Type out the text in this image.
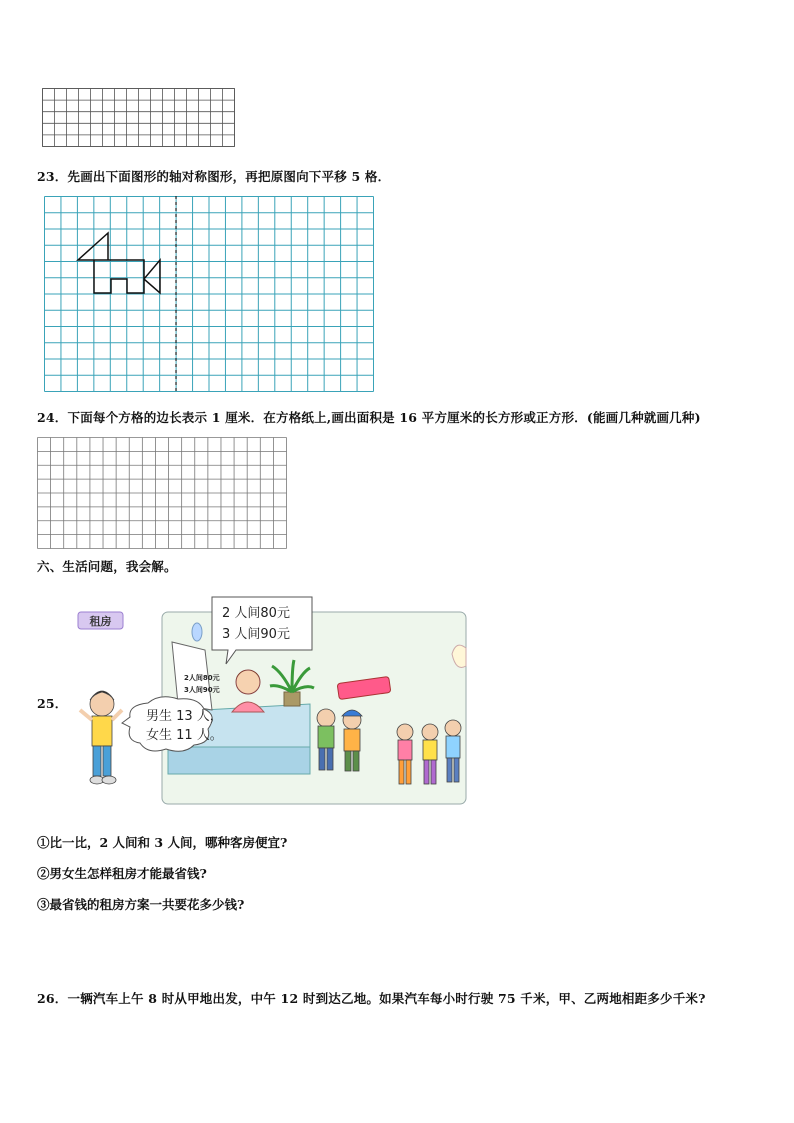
23．先画出下面图形的轴对称图形，再把原图向下平移 5 格．
24．下面每个方格的边长表示 1 厘米．在方格纸上,画出面积是 16 平方厘米的长方形或正方形．(能画几种就画几种)
六、生活问题，我会解。
25．
租房
2人间80元
3人间90元
2 人间80元
3 人间90元
男生 13 人，
女生 11 人。
①比一比，2 人间和 3 人间，哪种客房便宜?
②男女生怎样租房才能最省钱?
③最省钱的租房方案一共要花多少钱?
26．一辆汽车上午 8 时从甲地出发，中午 12 时到达乙地。如果汽车每小时行驶 75 千米，甲、乙两地相距多少千米?
